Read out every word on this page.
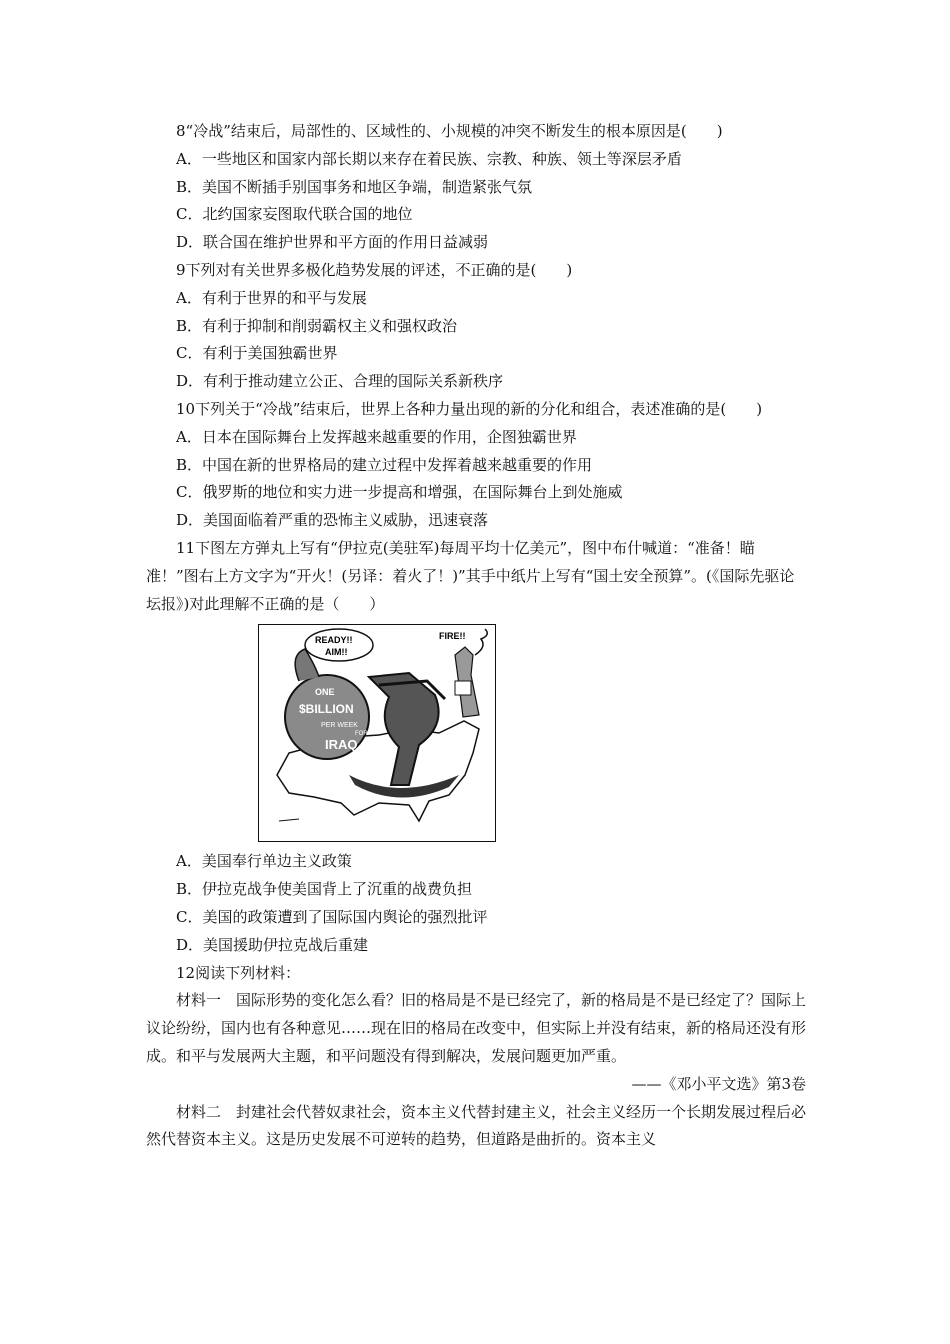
8“冷战”结束后，局部性的、区域性的、小规模的冲突不断发生的根本原因是(　　)
A．一些地区和国家内部长期以来存在着民族、宗教、种族、领土等深层矛盾
B．美国不断插手别国事务和地区争端，制造紧张气氛
C．北约国家妄图取代联合国的地位
D．联合国在维护世界和平方面的作用日益减弱
9下列对有关世界多极化趋势发展的评述，不正确的是(　　)
A．有利于世界的和平与发展
B．有利于抑制和削弱霸权主义和强权政治
C．有利于美国独霸世界
D．有利于推动建立公正、合理的国际关系新秩序
10下列关于“冷战”结束后，世界上各种力量出现的新的分化和组合，表述准确的是(　　)
A．日本在国际舞台上发挥越来越重要的作用，企图独霸世界
B．中国在新的世界格局的建立过程中发挥着越来越重要的作用
C．俄罗斯的地位和实力进一步提高和增强，在国际舞台上到处施威
D．美国面临着严重的恐怖主义威胁，迅速衰落
11下图左方弹丸上写有“伊拉克(美驻军)每周平均十亿美元”，图中布什喊道：“准备！瞄准！”图右上方文字为“开火！(另译：着火了！)”其手中纸片上写有“国土安全预算”。(《国际先驱论坛报》)对此理解不正确的是（　　）
ONE
$BILLION
PER WEEK
FOR
IRAQ
READY!!
AIM!!
FIRE!!
A．美国奉行单边主义政策
B．伊拉克战争使美国背上了沉重的战费负担
C．美国的政策遭到了国际国内舆论的强烈批评
D．美国援助伊拉克战后重建
12阅读下列材料：
材料一　国际形势的变化怎么看？旧的格局是不是已经完了，新的格局是不是已经定了？国际上议论纷纷，国内也有各种意见……现在旧的格局在改变中，但实际上并没有结束，新的格局还没有形成。和平与发展两大主题，和平问题没有得到解决，发展问题更加严重。
——《邓小平文选》第3卷
材料二　封建社会代替奴隶社会，资本主义代替封建主义，社会主义经历一个长期发展过程后必然代替资本主义。这是历史发展不可逆转的趋势，但道路是曲折的。资本主义
